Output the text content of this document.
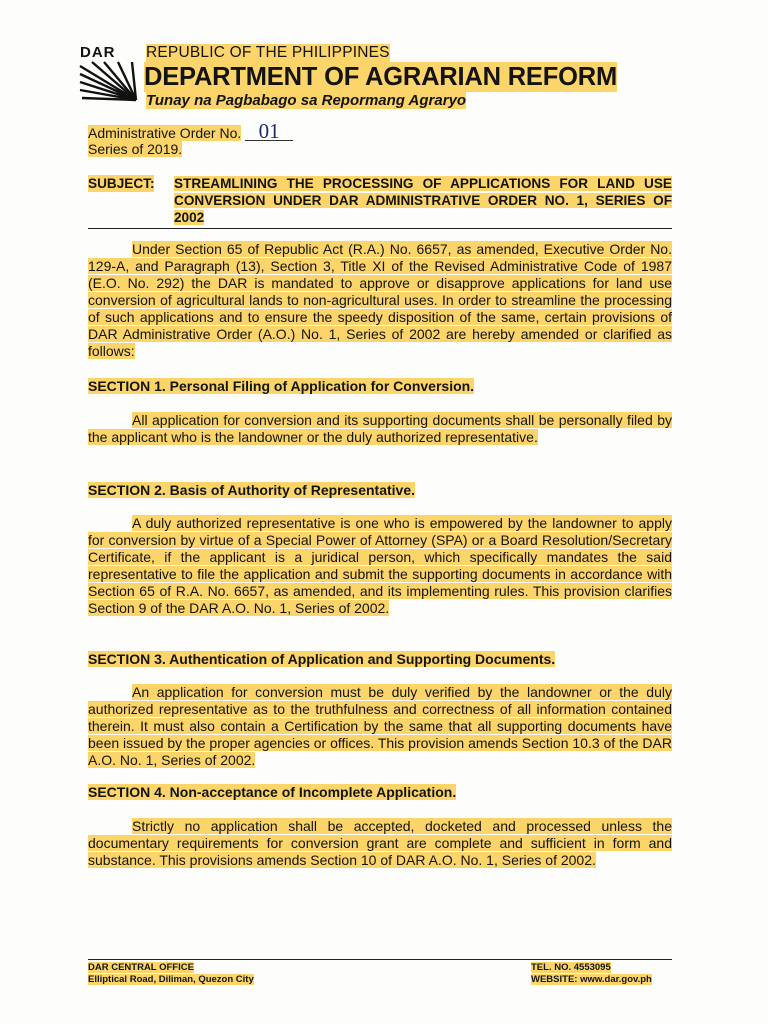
DAR REPUBLIC OF THE PHILIPPINES
DEPARTMENT OF AGRARIAN REFORM
Tunay na Pagbabago sa Repormang Agraryo
Administrative Order No. 01
Series of 2019.
SUBJECT: STREAMLINING THE PROCESSING OF APPLICATIONS FOR LAND USE CONVERSION UNDER DAR ADMINISTRATIVE ORDER NO. 1, SERIES OF 2002
Under Section 65 of Republic Act (R.A.) No. 6657, as amended, Executive Order No. 129-A, and Paragraph (13), Section 3, Title XI of the Revised Administrative Code of 1987 (E.O. No. 292) the DAR is mandated to approve or disapprove applications for land use conversion of agricultural lands to non-agricultural uses. In order to streamline the processing of such applications and to ensure the speedy disposition of the same, certain provisions of DAR Administrative Order (A.O.) No. 1, Series of 2002 are hereby amended or clarified as follows:
SECTION 1. Personal Filing of Application for Conversion.
All application for conversion and its supporting documents shall be personally filed by the applicant who is the landowner or the duly authorized representative.
SECTION 2. Basis of Authority of Representative.
A duly authorized representative is one who is empowered by the landowner to apply for conversion by virtue of a Special Power of Attorney (SPA) or a Board Resolution/Secretary Certificate, if the applicant is a juridical person, which specifically mandates the said representative to file the application and submit the supporting documents in accordance with Section 65 of R.A. No. 6657, as amended, and its implementing rules. This provision clarifies Section 9 of the DAR A.O. No. 1, Series of 2002.
SECTION 3. Authentication of Application and Supporting Documents.
An application for conversion must be duly verified by the landowner or the duly authorized representative as to the truthfulness and correctness of all information contained therein. It must also contain a Certification by the same that all supporting documents have been issued by the proper agencies or offices. This provision amends Section 10.3 of the DAR A.O. No. 1, Series of 2002.
SECTION 4. Non-acceptance of Incomplete Application.
Strictly no application shall be accepted, docketed and processed unless the documentary requirements for conversion grant are complete and sufficient in form and substance. This provisions amends Section 10 of DAR A.O. No. 1, Series of 2002.
DAR CENTRAL OFFICE
Elliptical Road, Diliman, Quezon City
TEL. NO. 4553095
WEBSITE: www.dar.gov.ph
